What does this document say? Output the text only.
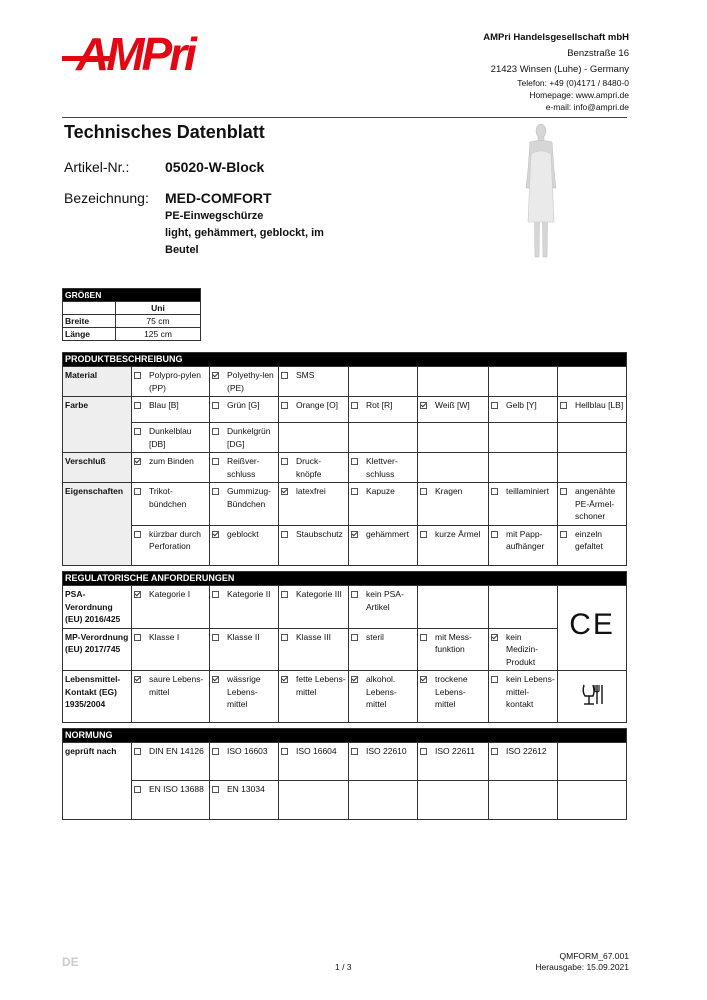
AMPri	AMPri Handelsgesellschaft mbH
Benzstraße 16
21423 Winsen (Luhe) - Germany
Telefon: +49 (0)4171 / 8480-0
Homepage: www.ampri.de
e-mail: info@ampri.de
Technisches Datenblatt
Artikel-Nr.:	05020-W-Block
Bezeichnung: MED-COMFORT
PE-Einwegschürze
light, gehämmert, geblockt, im Beutel
GRÖßEN	
	Uni
Breite	75 cm
Länge	125 cm
PRODUKTBESCHREIBUNG							
Material	Polypro-pylen (PP)	Polyethy-len (PE)	SMS				

Farbe	Blau [B]	Grün [G]	Orange [O]	Rot [R]	Weiß [W]	Gelb [Y]	Hellblau [LB]

	Dunkelblau [DB]	Dunkelgrün [DG]					

Verschluß	zum Binden	Reißver-schluss	Druck-knöpfe	Klettver-schluss			

Eigenschaften	Trikot-bündchen	Gummizug-Bündchen	latexfrei	Kapuze	Kragen	teillaminiert	angenähte PE-Ärmel-schoner

	kürzbar durch Perforation	geblockt	Staubschutz	gehämmert	kurze Ärmel	mit Papp-aufhänger	einzeln gefaltet
REGULATORISCHE ANFORDERUNGEN							
PSA-Verordnung (EU) 2016/425	Kategorie I	Kategorie II	Kategorie III	kein PSA-Artikel			CE
MP-Verordnung (EU) 2017/745	Klasse I	Klasse II	Klasse III	steril	mit Mess-funktion	kein Medizin-Produkt	

Lebensmittel-Kontakt (EG) 1935/2004	saure Lebens-mittel	wässrige Lebens-mittel	fette Lebens-mittel	alkohol. Lebens-mittel	trockene Lebens-mittel	kein Lebens-mittel-kontakt

NORMUNG							
geprüft nach	DIN EN 14126	ISO 16603	ISO 16604	ISO 22610	ISO 22611	ISO 22612	

	EN ISO 13688	EN 13034					

DE	1 / 3
QMFORM_67.001
Herausgabe: 15.09.2021
